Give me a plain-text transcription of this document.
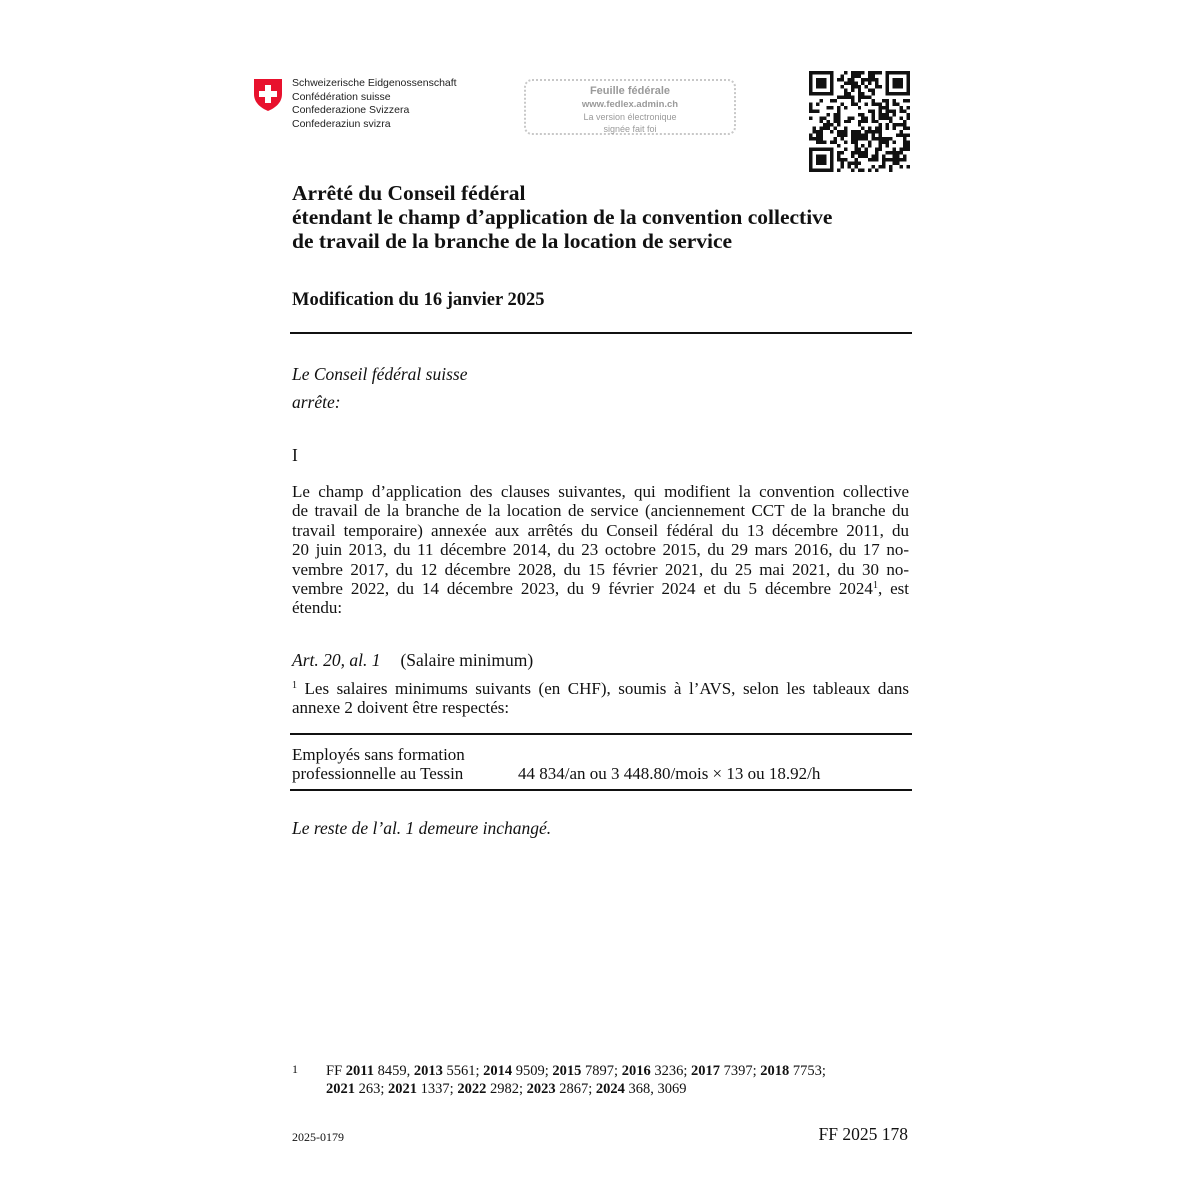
Schweizerische Eidgenossenschaft
Confédération suisse
Confederazione Svizzera
Confederaziun svizra
Feuille fédérale
www.fedlex.admin.ch
La version électronique
signée fait foi
Arrêté du Conseil fédéral
étendant le champ d’application de la convention collective
de travail de la branche de la location de service
Modification du 16 janvier 2025
Le Conseil fédéral suisse
arrête:
I
Le champ d’application des clauses suivantes, qui modifient la convention collective
de travail de la branche de la location de service (anciennement CCT de la branche du
travail temporaire) annexée aux arrêtés du Conseil fédéral du 13 décembre 2011, du
20 juin 2013, du 11 décembre 2014, du 23 octobre 2015, du 29 mars 2016, du 17 no-
vembre 2017, du 12 décembre 2028, du 15 février 2021, du 25 mai 2021, du 30 no-
vembre 2022, du 14 décembre 2023, du 9 février 2024 et du 5 décembre 2024$^1$, est
étendu:
Art. 20, al. 1 (Salaire minimum)
$^1$ Les salaires minimums suivants (en CHF), soumis à l’AVS, selon les tableaux dans
annexe 2 doivent être respectés:
Employés sans formation
professionnelle au Tessin	44 834/an ou 3 448.80/mois × 13 ou 18.92/h
Le reste de l’al. 1 demeure inchangé.
1 FF 2011 8459, 2013 5561; 2014 9509; 2015 7897; 2016 3236; 2017 7397; 2018 7753;
2021 263; 2021 1337; 2022 2982; 2023 2867; 2024 368, 3069
2025-0179	FF 2025 178
